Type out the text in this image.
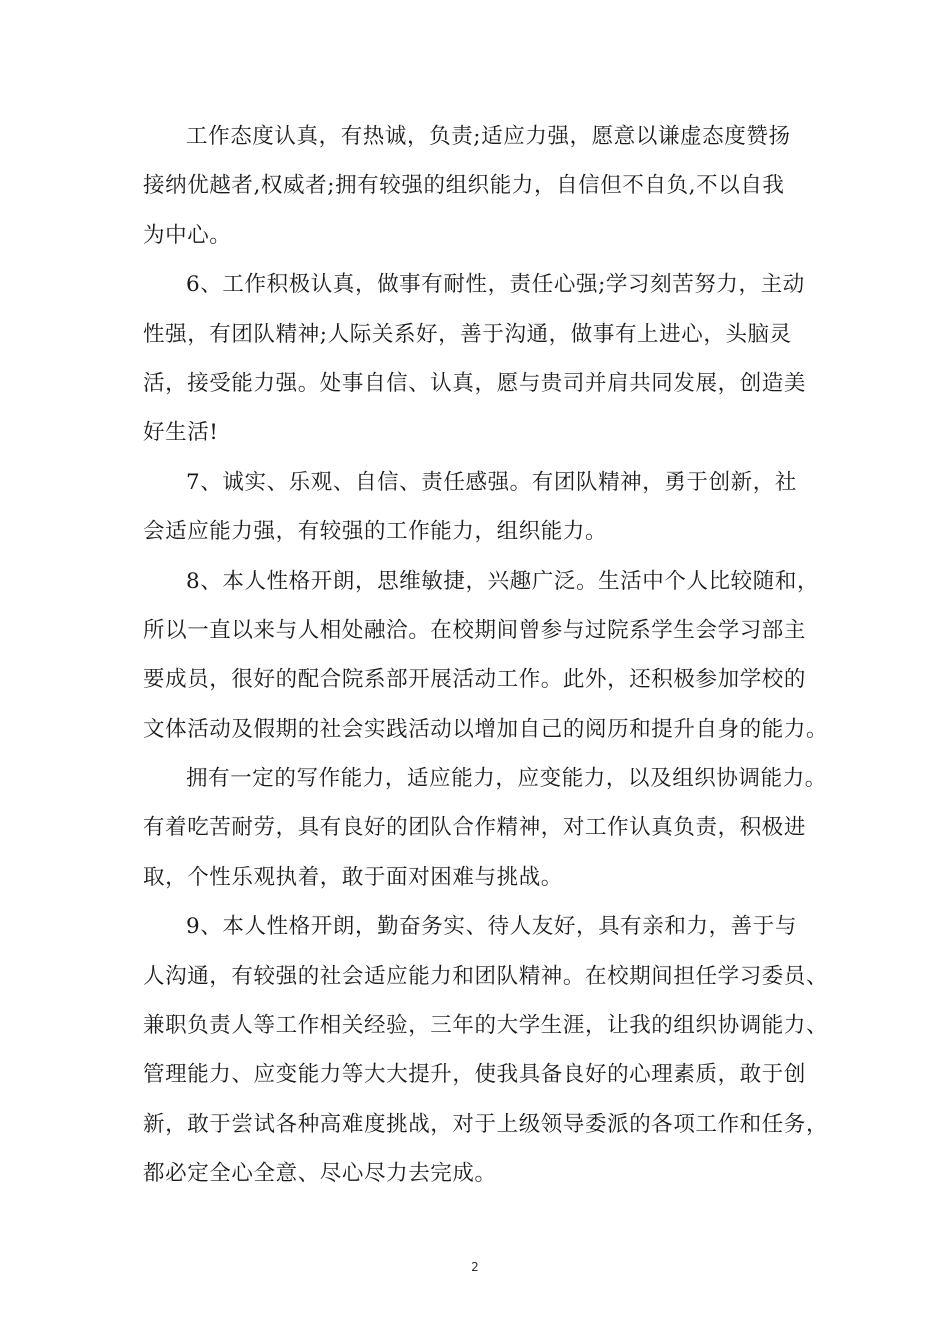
工作态度认真，有热诚，负责;适应力强，愿意以谦虚态度赞扬
接纳优越者,权威者;拥有较强的组织能力，自信但不自负,不以自我
为中心。
6、工作积极认真，做事有耐性，责任心强;学习刻苦努力，主动
性强，有团队精神;人际关系好，善于沟通，做事有上进心，头脑灵
活，接受能力强。处事自信、认真，愿与贵司并肩共同发展，创造美
好生活!
7、诚实、乐观、自信、责任感强。有团队精神，勇于创新，社
会适应能力强，有较强的工作能力，组织能力。
8、本人性格开朗，思维敏捷，兴趣广泛。生活中个人比较随和，
所以一直以来与人相处融洽。在校期间曾参与过院系学生会学习部主
要成员，很好的配合院系部开展活动工作。此外，还积极参加学校的
文体活动及假期的社会实践活动以增加自己的阅历和提升自身的能力。
拥有一定的写作能力，适应能力，应变能力，以及组织协调能力。
有着吃苦耐劳，具有良好的团队合作精神，对工作认真负责，积极进
取，个性乐观执着，敢于面对困难与挑战。
9、本人性格开朗，勤奋务实、待人友好，具有亲和力，善于与
人沟通，有较强的社会适应能力和团队精神。在校期间担任学习委员、
兼职负责人等工作相关经验，三年的大学生涯，让我的组织协调能力、
管理能力、应变能力等大大提升，使我具备良好的心理素质，敢于创
新，敢于尝试各种高难度挑战，对于上级领导委派的各项工作和任务，
都必定全心全意、尽心尽力去完成。
2
